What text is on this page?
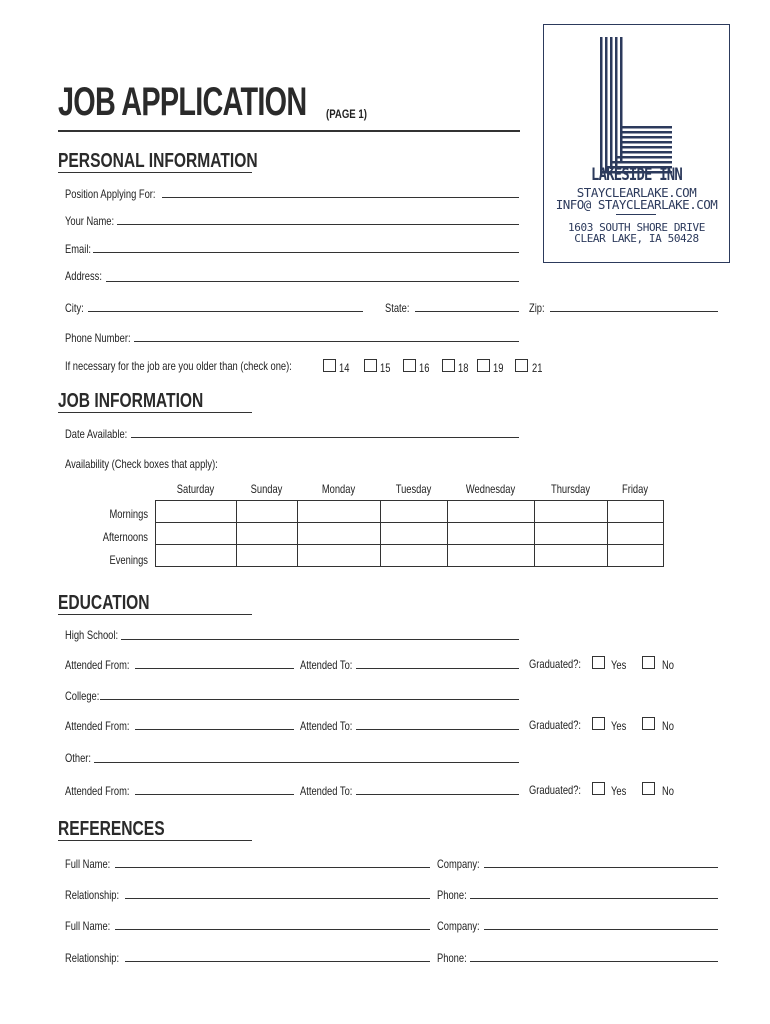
JOB APPLICATION (PAGE 1)
LAKESIDE INN
STAYCLEARLAKE.COM
INFO@ STAYCLEARLAKE.COM
1603 SOUTH SHORE DRIVE
CLEAR LAKE, IA 50428
PERSONAL INFORMATION
Position Applying For:
Your Name:
Email:
Address:
City:	State:	Zip:
Phone Number:
If necessary for the job are you older than (check one):	14	15 16 18 19 21
JOB INFORMATION
Date Available:
Availability (Check boxes that apply):
Saturday	Sunday	Monday	Tuesday	Wednesday	Thursday	Friday
Mornings
Afternoons
Evenings

EDUCATION
High School:
Attended From:	Attended To:	Graduated?: Yes	No
College:
Attended From:	Attended To:	Graduated?: Yes	No
Other:
Attended From:	Attended To:	Graduated?: Yes	No
REFERENCES
Full Name:	Company:
Relationship:	Phone:
Full Name:	Company:
Relationship:	Phone:
